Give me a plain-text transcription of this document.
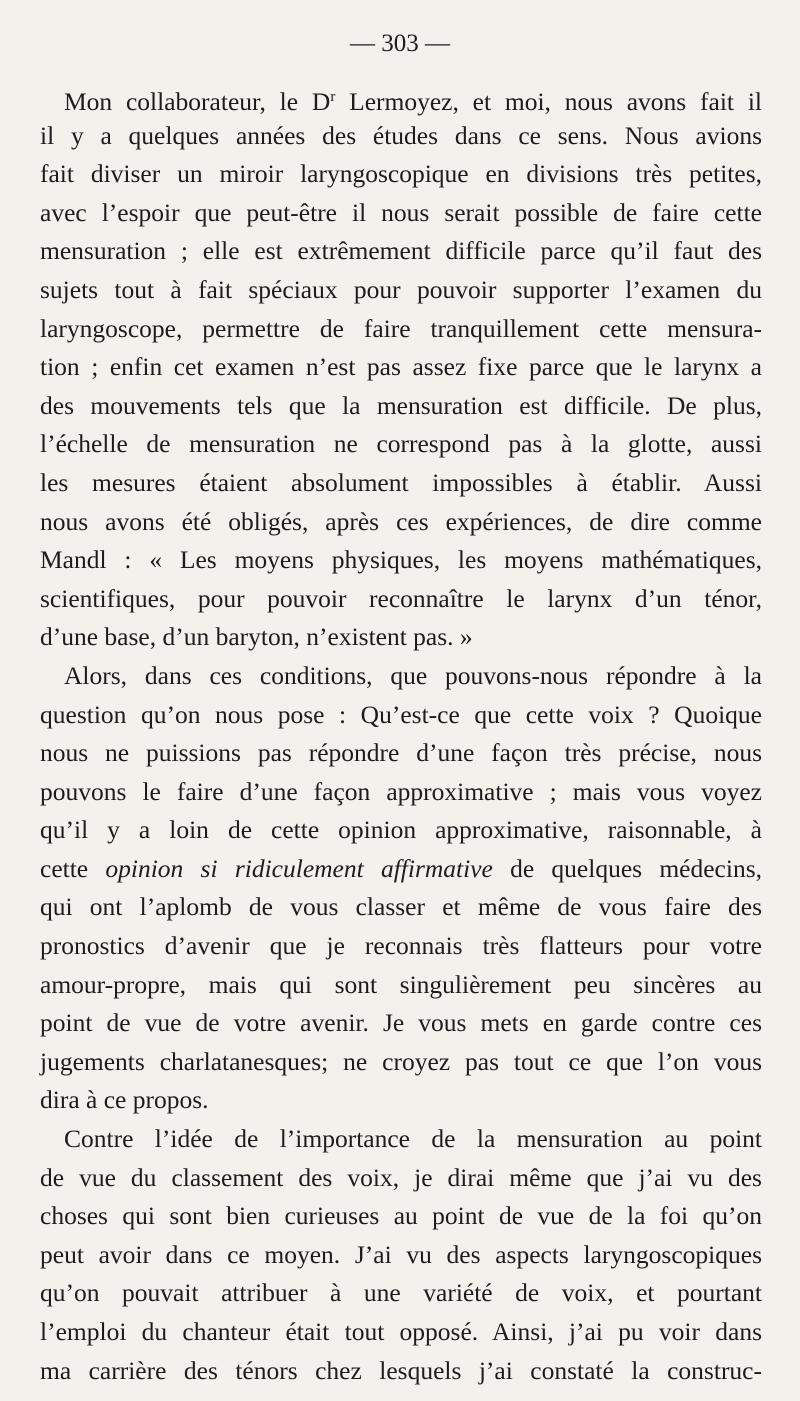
— 303 —
Mon collaborateur, le $D^r$ Lermoyez, et moi, nous avons fait il
il y a quelques années des études dans ce sens. Nous avions
fait diviser un miroir laryngoscopique en divisions très petites,
avec l’espoir que peut-être il nous serait possible de faire cette
mensuration ; elle est extrêmement difficile parce qu’il faut des
sujets tout à fait spéciaux pour pouvoir supporter l’examen du
laryngoscope, permettre de faire tranquillement cette mensura-
tion ; enfin cet examen n’est pas assez fixe parce que le larynx a
des mouvements tels que la mensuration est difficile. De plus,
l’échelle de mensuration ne correspond pas à la glotte, aussi
les mesures étaient absolument impossibles à établir. Aussi
nous avons été obligés, après ces expériences, de dire comme
Mandl : « Les moyens physiques, les moyens mathématiques,
scientifiques, pour pouvoir reconnaître le larynx d’un ténor,
d’une base, d’un baryton, n’existent pas. »
Alors, dans ces conditions, que pouvons-nous répondre à la
question qu’on nous pose : Qu’est-ce que cette voix ? Quoique
nous ne puissions pas répondre d’une façon très précise, nous
pouvons le faire d’une façon approximative ; mais vous voyez
qu’il y a loin de cette opinion approximative, raisonnable, à
cette opinion si ridiculement affirmative de quelques médecins,
qui ont l’aplomb de vous classer et même de vous faire des
pronostics d’avenir que je reconnais très flatteurs pour votre
amour-propre, mais qui sont singulièrement peu sincères au
point de vue de votre avenir. Je vous mets en garde contre ces
jugements charlatanesques; ne croyez pas tout ce que l’on vous
dira à ce propos.
Contre l’idée de l’importance de la mensuration au point
de vue du classement des voix, je dirai même que j’ai vu des
choses qui sont bien curieuses au point de vue de la foi qu’on
peut avoir dans ce moyen. J’ai vu des aspects laryngoscopiques
qu’on pouvait attribuer à une variété de voix, et pourtant
l’emploi du chanteur était tout opposé. Ainsi, j’ai pu voir dans
ma carrière des ténors chez lesquels j’ai constaté la construc-
